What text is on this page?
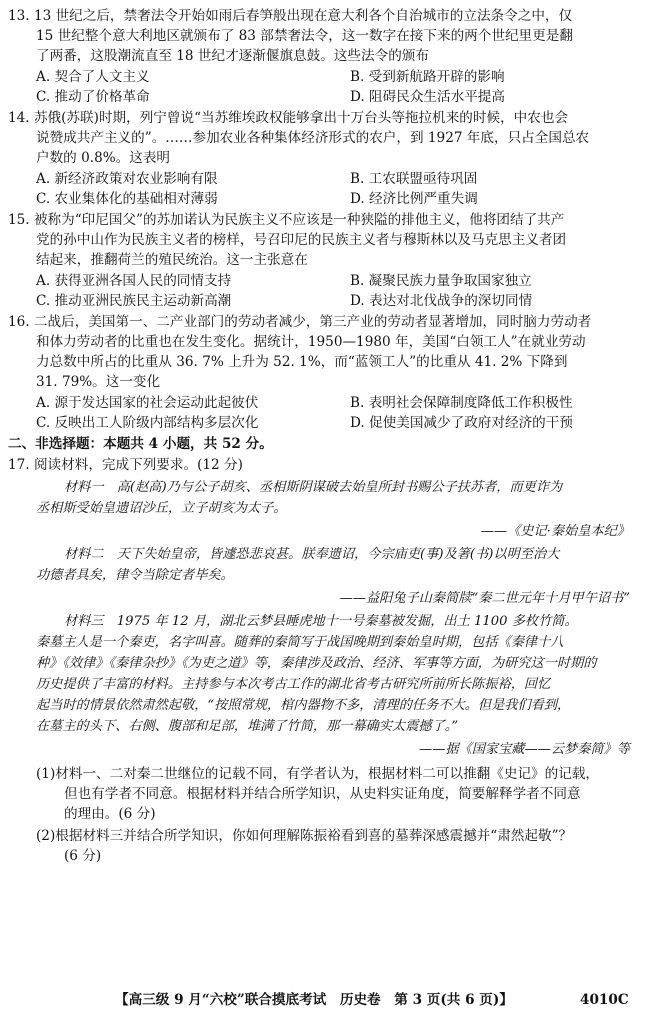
13. 13 世纪之后，禁奢法令开始如雨后春笋般出现在意大利各个自治城市的立法条令之中，仅
15 世纪整个意大利地区就颁布了 83 部禁奢法令，这一数字在接下来的两个世纪里更是翻
了两番，这股潮流直至 18 世纪才逐渐偃旗息鼓。这些法令的颁布
A. 契合了人文主义	B. 受到新航路开辟的影响
C. 推动了价格革命	D. 阻碍民众生活水平提高
14. 苏俄(苏联)时期，列宁曾说“当苏维埃政权能够拿出十万台头等拖拉机来的时候，中农也会
说赞成共产主义的”。……参加农业各种集体经济形式的农户，到 1927 年底，只占全国总农
户数的 0.8%。这表明
A. 新经济政策对农业影响有限	B. 工农联盟亟待巩固
C. 农业集体化的基础相对薄弱	D. 经济比例严重失调
15. 被称为“印尼国父”的苏加诺认为民族主义不应该是一种狭隘的排他主义，他将团结了共产
党的孙中山作为民族主义者的榜样，号召印尼的民族主义者与穆斯林以及马克思主义者团
结起来，推翻荷兰的殖民统治。这一主张意在
A. 获得亚洲各国人民的同情支持	B. 凝聚民族力量争取国家独立
C. 推动亚洲民族民主运动新高潮	D. 表达对北伐战争的深切同情
16. 二战后，美国第一、二产业部门的劳动者减少，第三产业的劳动者显著增加，同时脑力劳动者
和体力劳动者的比重也在发生变化。据统计，1950—1980 年，美国“白领工人”在就业劳动
力总数中所占的比重从 36. 7% 上升为 52. 1%，而“蓝领工人”的比重从 41. 2% 下降到
31. 79%。这一变化
A. 源于发达国家的社会运动此起彼伏	B. 表明社会保障制度降低工作积极性
C. 反映出工人阶级内部结构多层次化	D. 促使美国减少了政府对经济的干预
二、非选择题：本题共 4 小题，共 52 分。
17. 阅读材料，完成下列要求。(12 分)
材料一　高(赵高)乃与公子胡亥、丞相斯阴谋破去始皇所封书赐公子扶苏者，而更诈为
丞相斯受始皇遗诏沙丘，立子胡亥为太子。
——《史记·秦始皇本纪》
材料二　天下失始皇帝，皆遽恐悲哀甚。朕奉遗诏，今宗庙吏(事)及箸(书)以明至治大
功德者具矣，律令当除定者毕矣。
——益阳兔子山秦简牍“秦二世元年十月甲午诏书”
材料三　1975 年 12 月，湖北云梦县睡虎地十一号秦墓被发掘，出土 1100 多枚竹简。
秦墓主人是一个秦吏，名字叫喜。随葬的秦简写于战国晚期到秦始皇时期，包括《秦律十八
种》《效律》《秦律杂抄》《为吏之道》等，秦律涉及政治、经济、军事等方面，为研究这一时期的
历史提供了丰富的材料。主持参与本次考古工作的湖北省考古研究所前所长陈振裕，回忆
起当时的情景依然肃然起敬，“按照常规，棺内器物不多，清理的任务不大。但是我们看到，
在墓主的头下、右侧、腹部和足部，堆满了竹简，那一幕确实太震撼了。”
——据《国家宝藏——云梦秦简》等
(1)材料一、二对秦二世继位的记载不同，有学者认为，根据材料二可以推翻《史记》的记载，
但也有学者不同意。根据材料并结合所学知识，从史料实证角度，简要解释学者不同意
的理由。(6 分)
(2)根据材料三并结合所学知识，你如何理解陈振裕看到喜的墓葬深感震撼并“肃然起敬”？
(6 分)
【高三级 9 月“六校”联合摸底考试　历史卷　第 3 页(共 6 页)】	4010C
